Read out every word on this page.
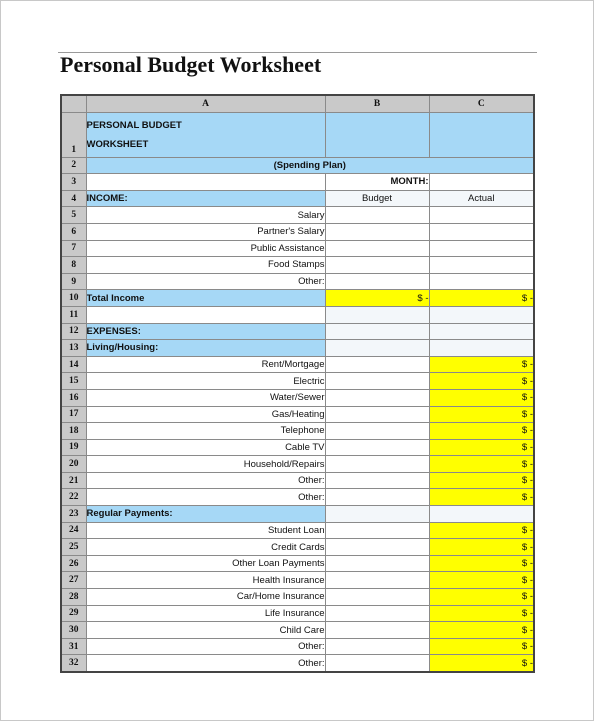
Personal Budget Worksheet
	A	B	C
1	PERSONAL BUDGET
WORKSHEET		

2	(Spending Plan)		
3		MONTH:	
4	INCOME:	Budget	Actual
5	Salary		
6	Partner's Salary		
7	Public Assistance		
8	Food Stamps		
9	Other:		
10	Total Income	$ -	$ -
11			
12	EXPENSES:		
13	Living/Housing:		
14	Rent/Mortgage		$ -
15	Electric		$ -
16	Water/Sewer		$ -
17	Gas/Heating		$ -
18	Telephone		$ -
19	Cable TV		$ -
20	Household/Repairs		$ -
21	Other:		$ -
22	Other:		$ -
23	Regular Payments:		
24	Student Loan		$ -
25	Credit Cards		$ -
26	Other Loan Payments		$ -
27	Health Insurance		$ -
28	Car/Home Insurance		$ -
29	Life Insurance		$ -
30	Child Care		$ -
31	Other:		$ -
32	Other:		$ -
